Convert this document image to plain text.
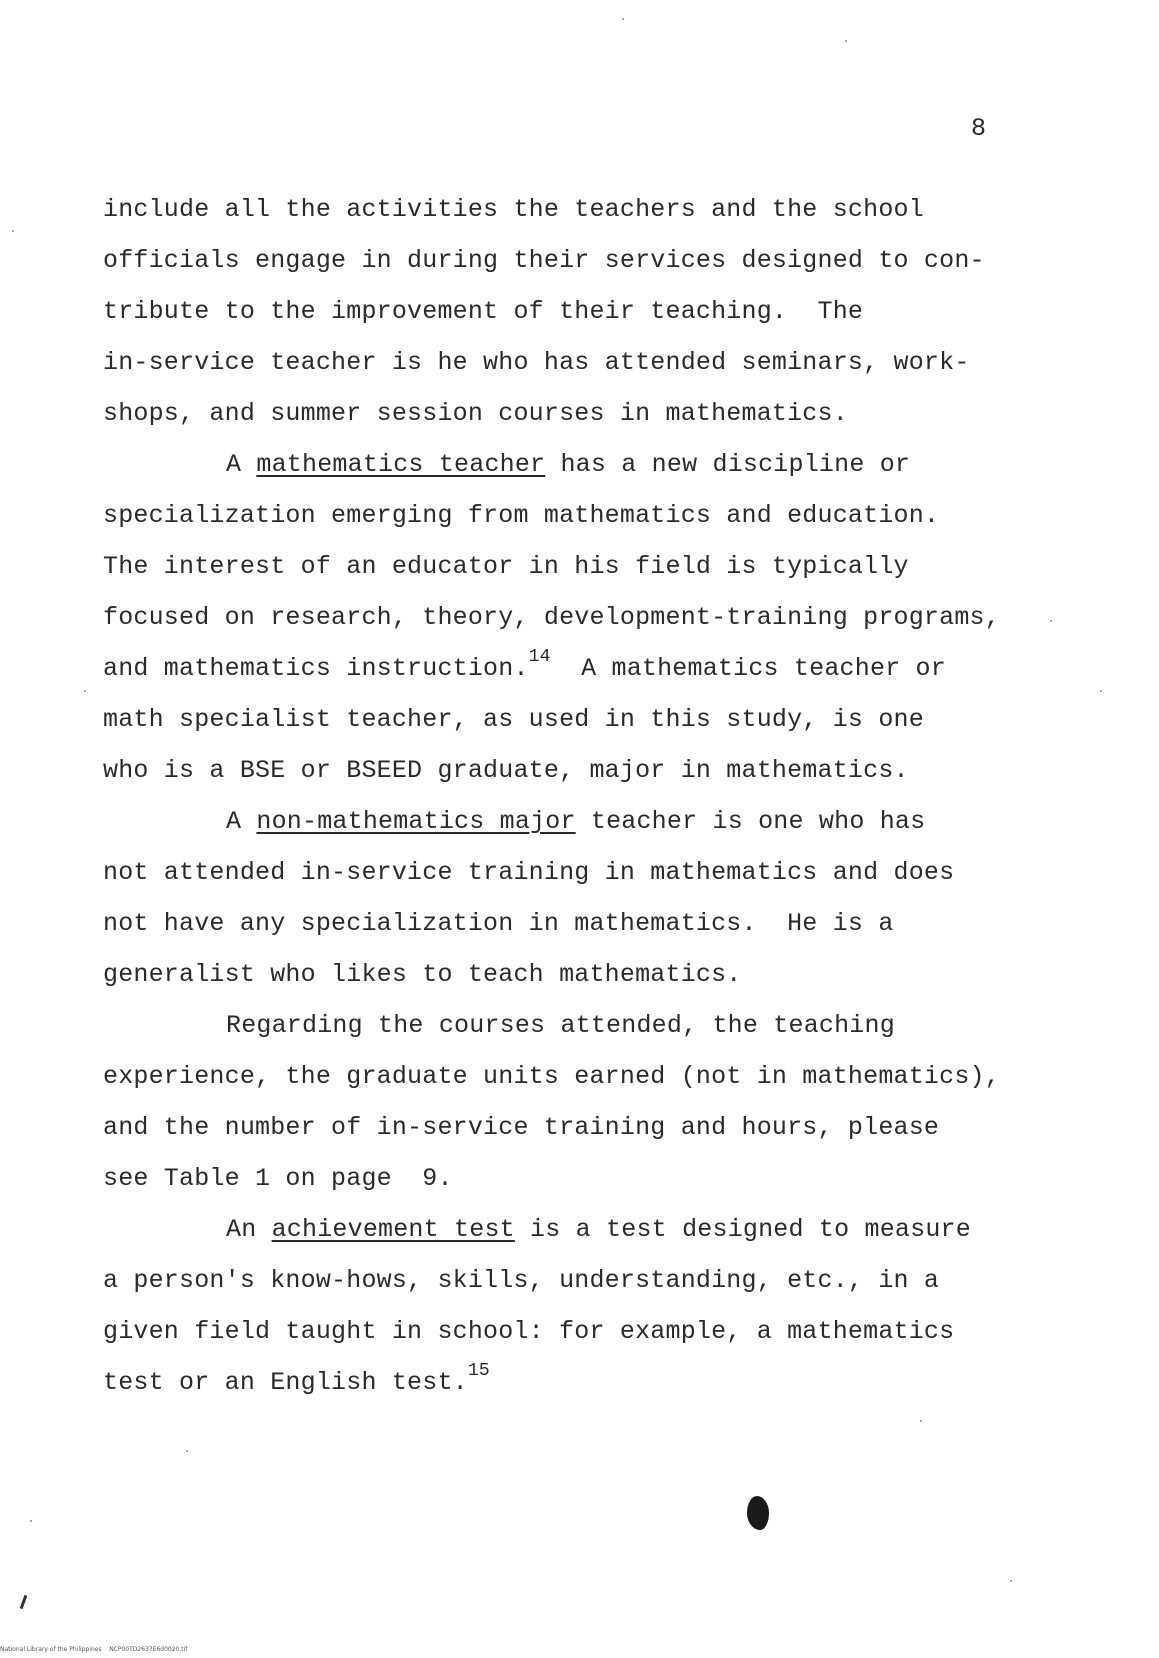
8
include all the activities the teachers and the school
officials engage in during their services designed to con-
tribute to the improvement of their teaching.  The
in-service teacher is he who has attended seminars, work-
shops, and summer session courses in mathematics.
A mathematics teacher has a new discipline or
specialization emerging from mathematics and education.
The interest of an educator in his field is typically
focused on research, theory, development-training programs,
and mathematics instruction.$^{14}$  A mathematics teacher or
math specialist teacher, as used in this study, is one
who is a BSE or BSEED graduate, major in mathematics.
A non-mathematics major teacher is one who has
not attended in-service training in mathematics and does
not have any specialization in mathematics.  He is a
generalist who likes to teach mathematics.
Regarding the courses attended, the teaching
experience, the graduate units earned (not in mathematics),
and the number of in-service training and hours, please
see Table 1 on page  9.
An achievement test is a test designed to measure
a person's know-hows, skills, understanding, etc., in a
given field taught in school: for example, a mathematics
test or an English test.$^{15}$
National Library of the Philippines    NCP00TD2637E6d0020.tif
